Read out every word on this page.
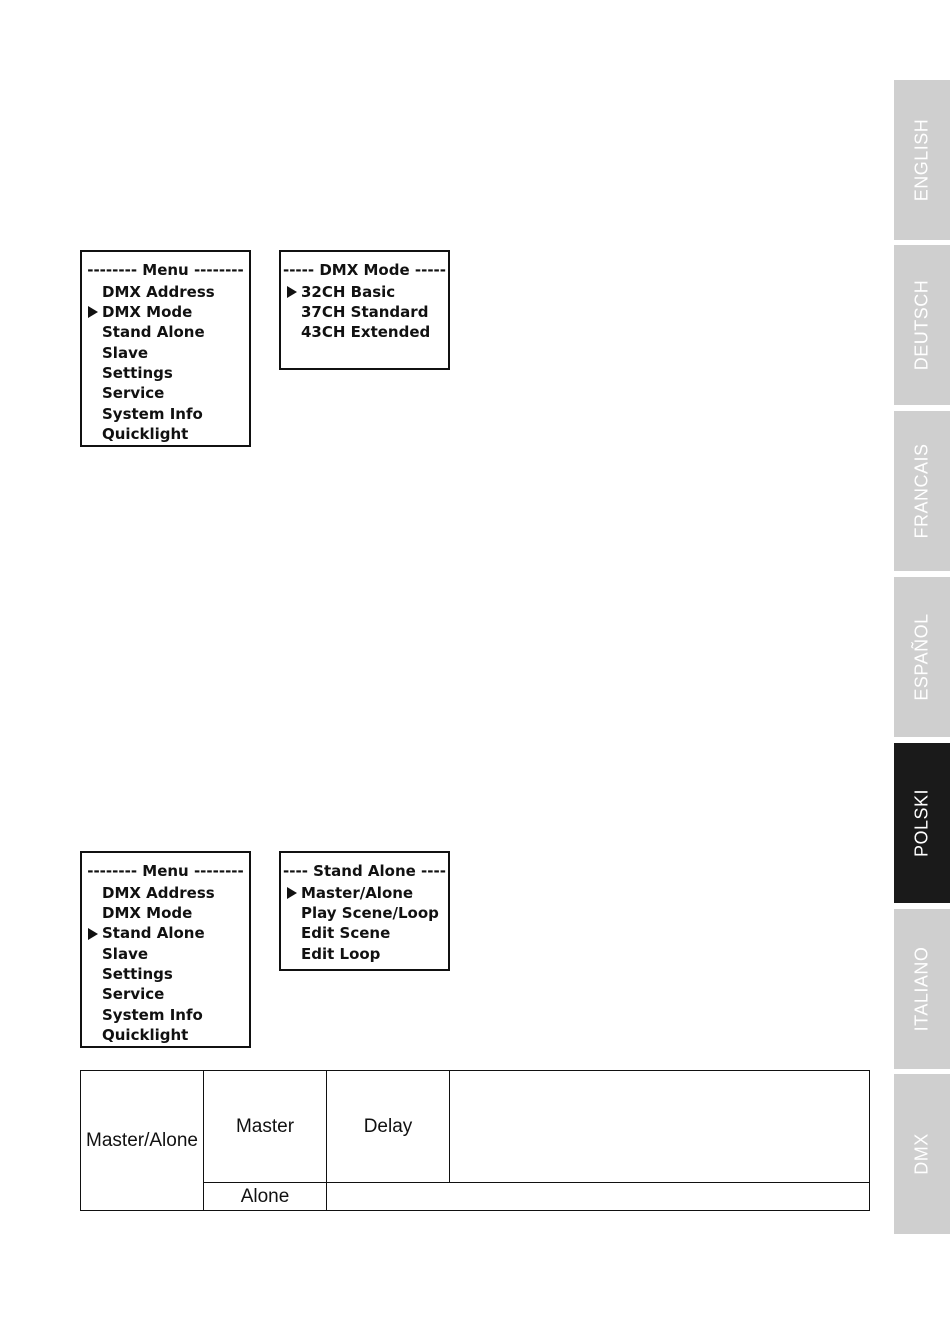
-------- Menu --------
DMX Address
DMX Mode
Stand Alone
Slave
Settings
Service
System Info
Quicklight
----- DMX Mode -----
32CH Basic
37CH Standard
43CH Extended
-------- Menu --------
DMX Address
DMX Mode
Stand Alone
Slave
Settings
Service
System Info
Quicklight
---- Stand Alone ----
Master/Alone
Play Scene/Loop
Edit Scene
Edit Loop
Master/Alone	Master	Delay	
	Alone		
ENGLISH
DEUTSCH
FRANCAIS
ESPAÑOL
POLSKI
ITALIANO
DMX
